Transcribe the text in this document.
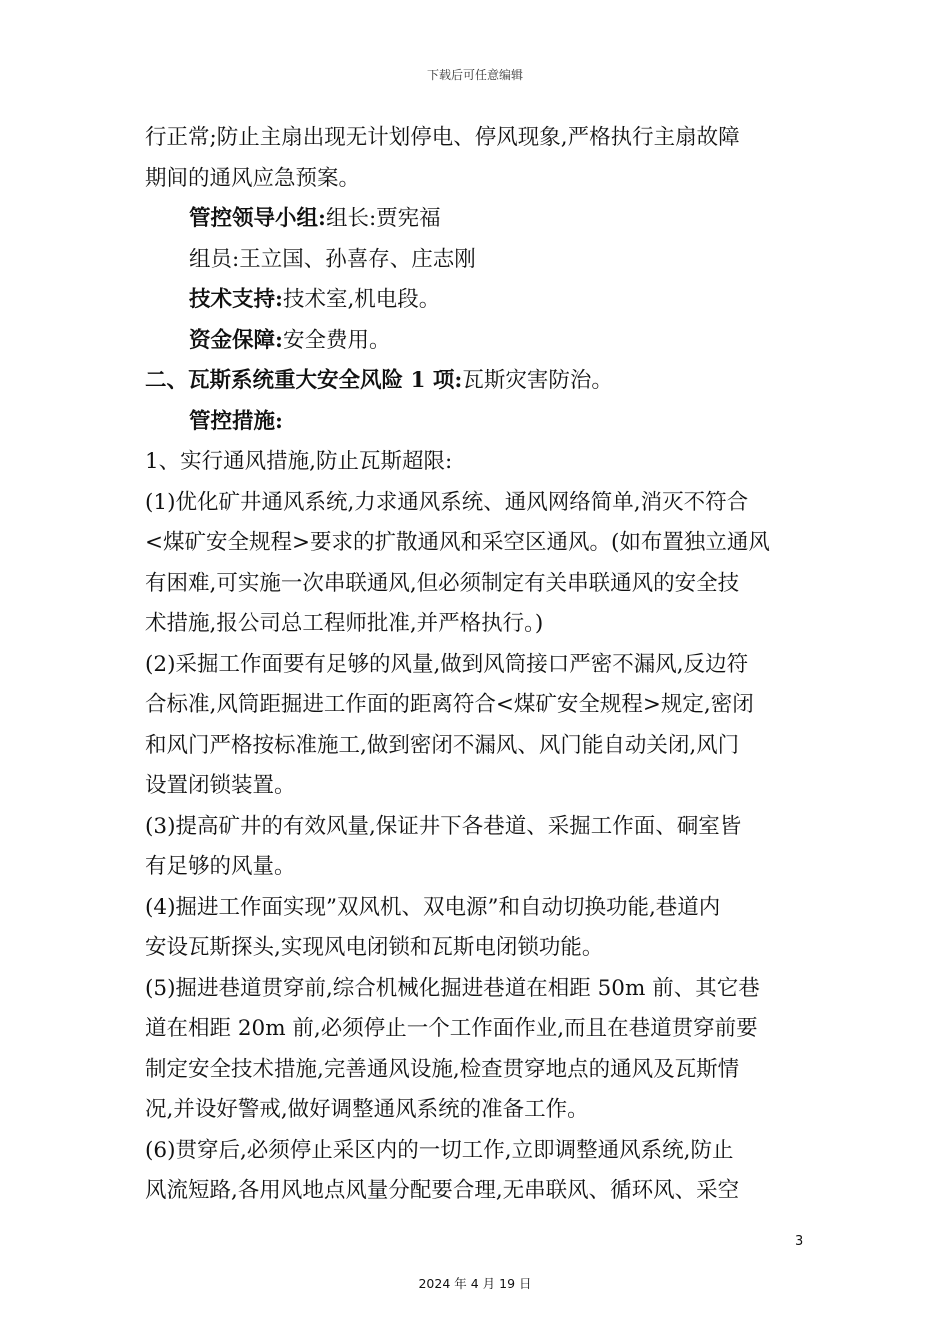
下载后可任意编辑
行正常;防止主扇出现无计划停电、停风现象,严格执行主扇故障
期间的通风应急预案。
管控领导小组:组长:贾宪福
组员:王立国、孙喜存、庄志刚
技术支持:技术室,机电段。
资金保障:安全费用。
二、瓦斯系统重大安全风险 1 项:瓦斯灾害防治。
管控措施:
1、实行通风措施,防止瓦斯超限:
(1)优化矿井通风系统,力求通风系统、通风网络简单,消灭不符合
<煤矿安全规程>要求的扩散通风和采空区通风。(如布置独立通风
有困难,可实施一次串联通风,但必须制定有关串联通风的安全技
术措施,报公司总工程师批准,并严格执行。)
(2)采掘工作面要有足够的风量,做到风筒接口严密不漏风,反边符
合标准,风筒距掘进工作面的距离符合<煤矿安全规程>规定,密闭
和风门严格按标准施工,做到密闭不漏风、风门能自动关闭,风门
设置闭锁装置。
(3)提高矿井的有效风量,保证井下各巷道、采掘工作面、硐室皆
有足够的风量。
(4)掘进工作面实现”双风机、双电源”和自动切换功能,巷道内
安设瓦斯探头,实现风电闭锁和瓦斯电闭锁功能。
(5)掘进巷道贯穿前,综合机械化掘进巷道在相距 50m 前、其它巷
道在相距 20m 前,必须停止一个工作面作业,而且在巷道贯穿前要
制定安全技术措施,完善通风设施,检查贯穿地点的通风及瓦斯情
况,并设好警戒,做好调整通风系统的准备工作。
(6)贯穿后,必须停止采区内的一切工作,立即调整通风系统,防止
风流短路,各用风地点风量分配要合理,无串联风、循环风、采空
3
2024 年 4 月 19 日
